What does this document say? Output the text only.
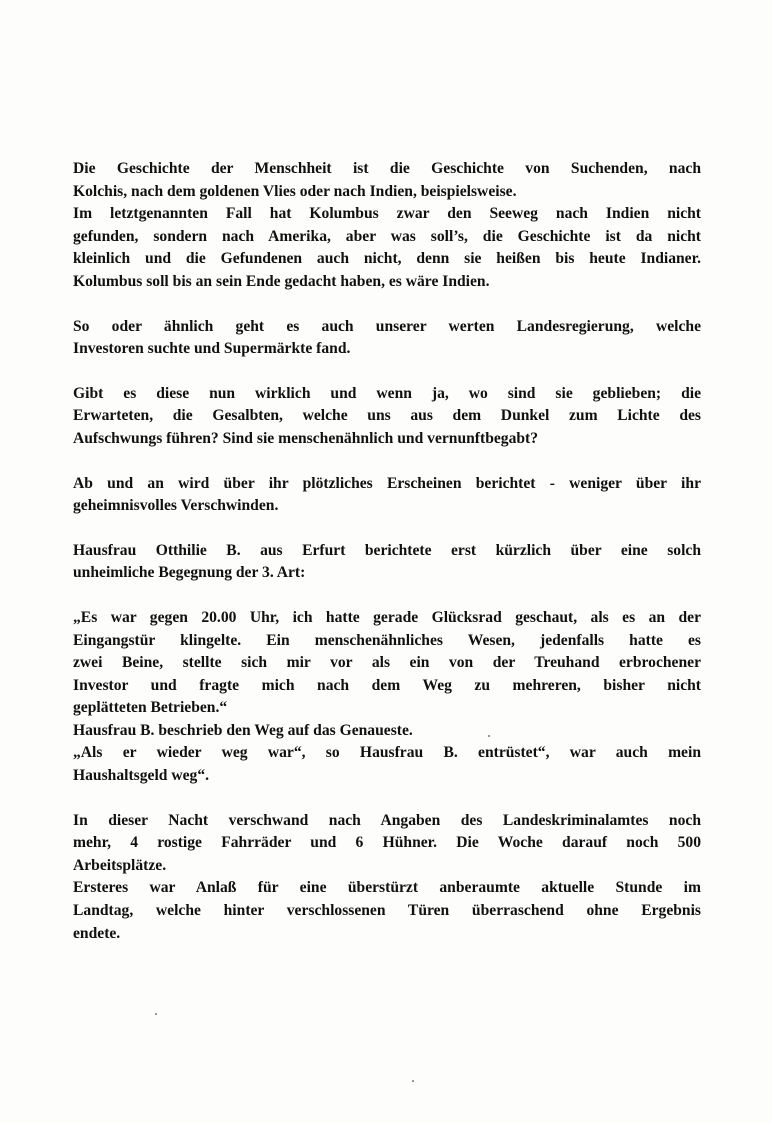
Die Geschichte der Menschheit ist die Geschichte von Suchenden, nach
Kolchis, nach dem goldenen Vlies oder nach Indien, beispielsweise.
Im letztgenannten Fall hat Kolumbus zwar den Seeweg nach Indien nicht
gefunden, sondern nach Amerika, aber was soll’s, die Geschichte ist da nicht
kleinlich und die Gefundenen auch nicht, denn sie heißen bis heute Indianer.
Kolumbus soll bis an sein Ende gedacht haben, es wäre Indien.
So oder ähnlich geht es auch unserer werten Landesregierung, welche
Investoren suchte und Supermärkte fand.
Gibt es diese nun wirklich und wenn ja, wo sind sie geblieben; die
Erwarteten, die Gesalbten, welche uns aus dem Dunkel zum Lichte des
Aufschwungs führen? Sind sie menschenähnlich und vernunftbegabt?
Ab und an wird über ihr plötzliches Erscheinen berichtet - weniger über ihr
geheimnisvolles Verschwinden.
Hausfrau Otthilie B. aus Erfurt berichtete erst kürzlich über eine solch
unheimliche Begegnung der 3. Art:
„Es war gegen 20.00 Uhr, ich hatte gerade Glücksrad geschaut, als es an der
Eingangstür klingelte. Ein menschenähnliches Wesen, jedenfalls hatte es
zwei Beine, stellte sich mir vor als ein von der Treuhand erbrochener
Investor und fragte mich nach dem Weg zu mehreren, bisher nicht
geplätteten Betrieben.“
Hausfrau B. beschrieb den Weg auf das Genaueste.
„Als er wieder weg war“, so Hausfrau B. entrüstet“, war auch mein
Haushaltsgeld weg“.
In dieser Nacht verschwand nach Angaben des Landeskriminalamtes noch
mehr, 4 rostige Fahrräder und 6 Hühner. Die Woche darauf noch 500
Arbeitsplätze.
Ersteres war Anlaß für eine überstürzt anberaumte aktuelle Stunde im
Landtag, welche hinter verschlossenen Türen überraschend ohne Ergebnis
endete.
